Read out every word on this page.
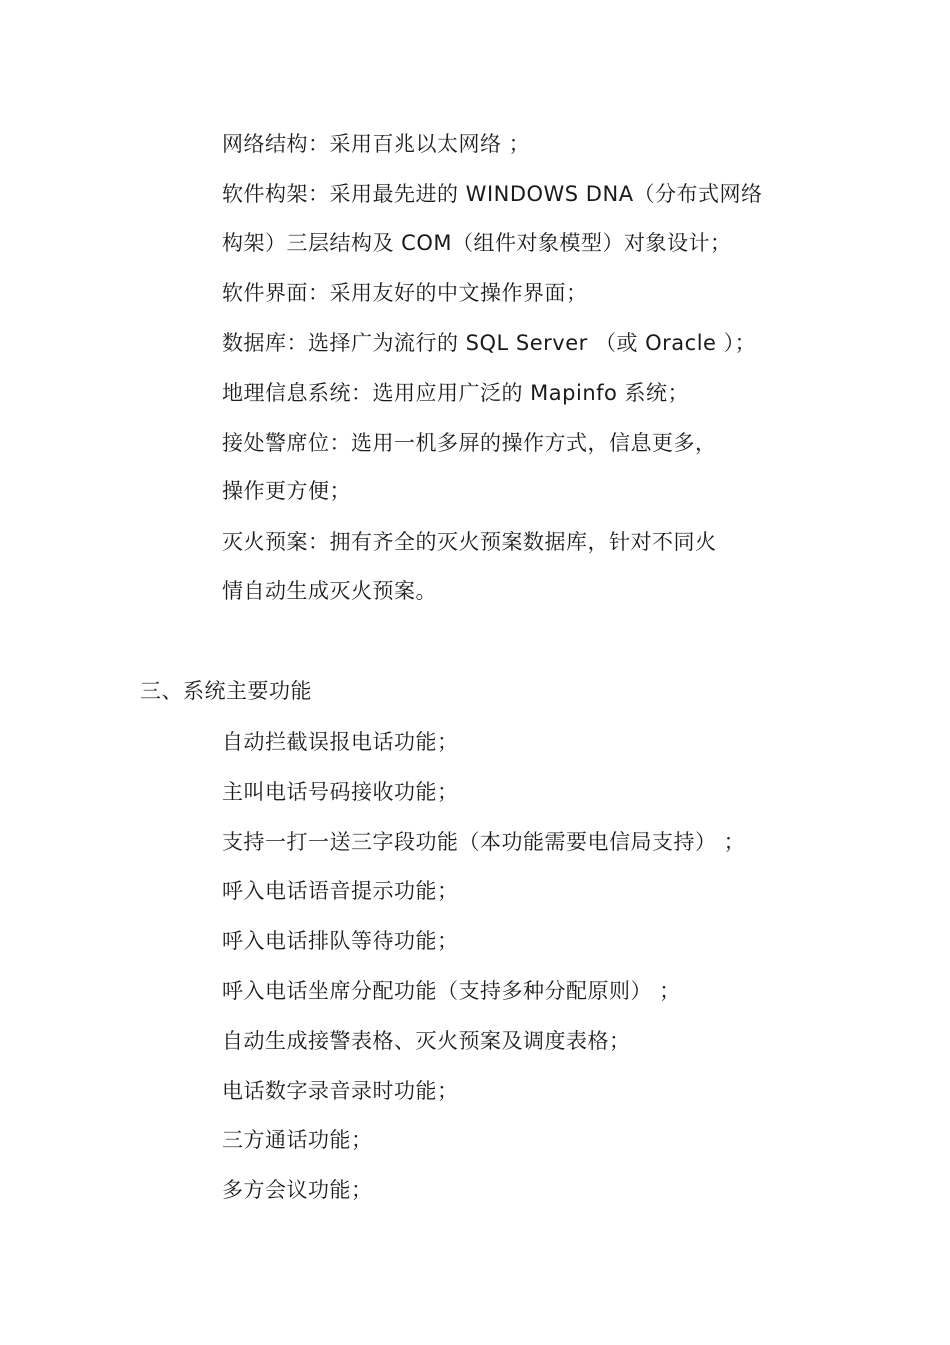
网络结构：采用百兆以太网络 ；
软件构架：采用最先进的 WINDOWS DNA（分布式网络
构架）三层结构及 COM（组件对象模型）对象设计；
软件界面：采用友好的中文操作界面；
数据库：选择广为流行的 SQL Server （或 Oracle ）；
地理信息系统：选用应用广泛的 Mapinfo 系统；
接处警席位：选用一机多屏的操作方式，信息更多，
操作更方便；
灭火预案：拥有齐全的灭火预案数据库，针对不同火
情自动生成灭火预案。
三、系统主要功能
自动拦截误报电话功能；
主叫电话号码接收功能；
支持一打一送三字段功能（本功能需要电信局支持） ；
呼入电话语音提示功能；
呼入电话排队等待功能；
呼入电话坐席分配功能（支持多种分配原则） ；
自动生成接警表格、灭火预案及调度表格；
电话数字录音录时功能；
三方通话功能；
多方会议功能；
